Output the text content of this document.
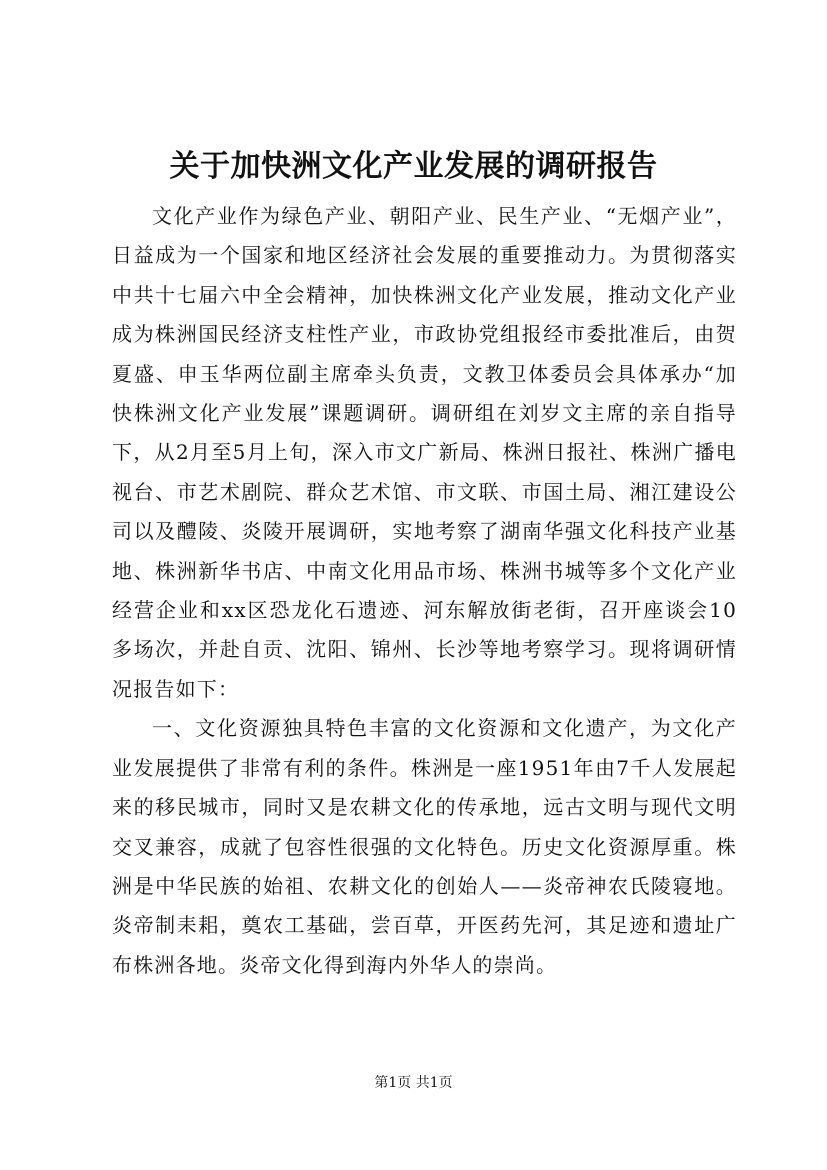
关于加快洲文化产业发展的调研报告

文化产业作为绿色产业、朝阳产业、民生产业、“无烟产业”，日益成为一个国家和地区经济社会发展的重要推动力。为贯彻落实中共十七届六中全会精神，加快株洲文化产业发展，推动文化产业成为株洲国民经济支柱性产业，市政协党组报经市委批准后，由贺夏盛、申玉华两位副主席牵头负责，文教卫体委员会具体承办“加快株洲文化产业发展”课题调研。调研组在刘岁文主席的亲自指导下，从2月至5月上旬，深入市文广新局、株洲日报社、株洲广播电视台、市艺术剧院、群众艺术馆、市文联、市国土局、湘江建设公司以及醴陵、炎陵开展调研，实地考察了湖南华强文化科技产业基地、株洲新华书店、中南文化用品市场、株洲书城等多个文化产业经营企业和xx区恐龙化石遗迹、河东解放街老街，召开座谈会10多场次，并赴自贡、沈阳、锦州、长沙等地考察学习。现将调研情况报告如下：

一、文化资源独具特色丰富的文化资源和文化遗产，为文化产业发展提供了非常有利的条件。株洲是一座1951年由7千人发展起来的移民城市，同时又是农耕文化的传承地，远古文明与现代文明交叉兼容，成就了包容性很强的文化特色。历史文化资源厚重。株洲是中华民族的始祖、农耕文化的创始人——炎帝神农氏陵寝地。炎帝制耒耜，奠农工基础，尝百草，开医药先河，其足迹和遗址广布株洲各地。炎帝文化得到海内外华人的崇尚。

第1页 共1页
